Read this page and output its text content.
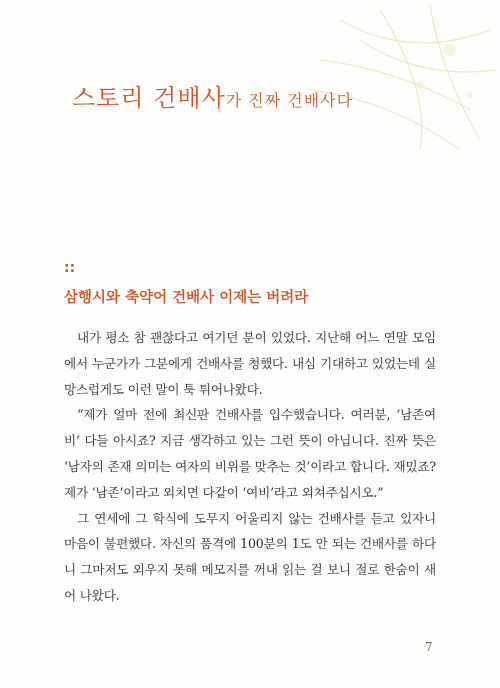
스토리 건배사가 진짜 건배사다
::
삼행시와 축약어 건배사 이제는 버려라

내가 평소 참 괜찮다고 여기던 분이 있었다. 지난해 어느 연말 모임에서 누군가가 그분에게 건배사를 청했다. 내심 기대하고 있었는데 실망스럽게도 이런 말이 툭 튀어나왔다.

“제가 얼마 전에 최신판 건배사를 입수했습니다. 여러분, ‘남존여비’ 다들 아시죠? 지금 생각하고 있는 그런 뜻이 아닙니다. 진짜 뜻은 ‘남자의 존재 의미는 여자의 비위를 맞추는 것’이라고 합니다. 재밌죠? 제가 ‘남존’이라고 외치면 다같이 ‘여비’라고 외쳐주십시오.”

그 연세에 그 학식에 도무지 어울리지 않는 건배사를 듣고 있자니 마음이 불편했다. 자신의 품격에 100분의 1도 안 되는 건배사를 하다니 그마저도 외우지 못해 메모지를 꺼내 읽는 걸 보니 절로 한숨이 새어 나왔다.

7
